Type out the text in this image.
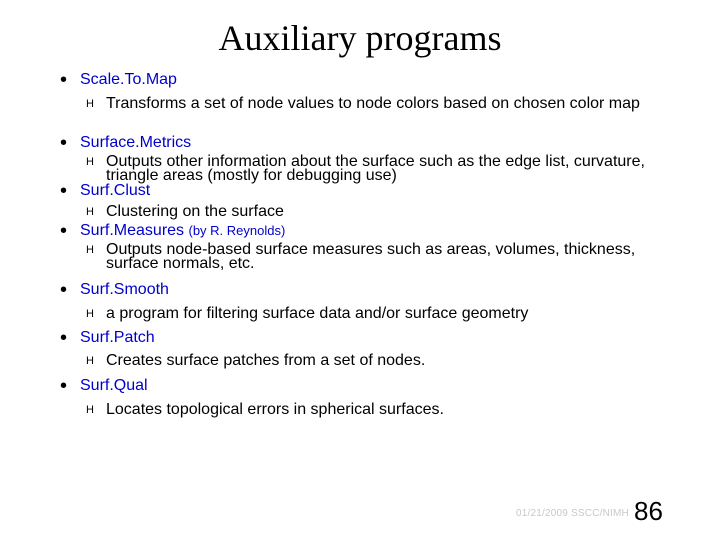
Auxiliary programs
• Scale.To.Map
H Transforms a set of node values to node colors based on chosen color map
• Surface.Metrics
H Outputs other information about the surface such as the edge list, curvature, triangle areas (mostly for debugging use)
• Surf.Clust
H Clustering on the surface
• Surf.Measures (by R. Reynolds)
H Outputs node-based surface measures such as areas, volumes, thickness, surface normals, etc.
• Surf.Smooth
H a program for filtering surface data and/or surface geometry
• Surf.Patch
H Creates surface patches from a set of nodes.
• Surf.Qual
H Locates topological errors in spherical surfaces.
01/21/2009 SSCC/NIMH 86
